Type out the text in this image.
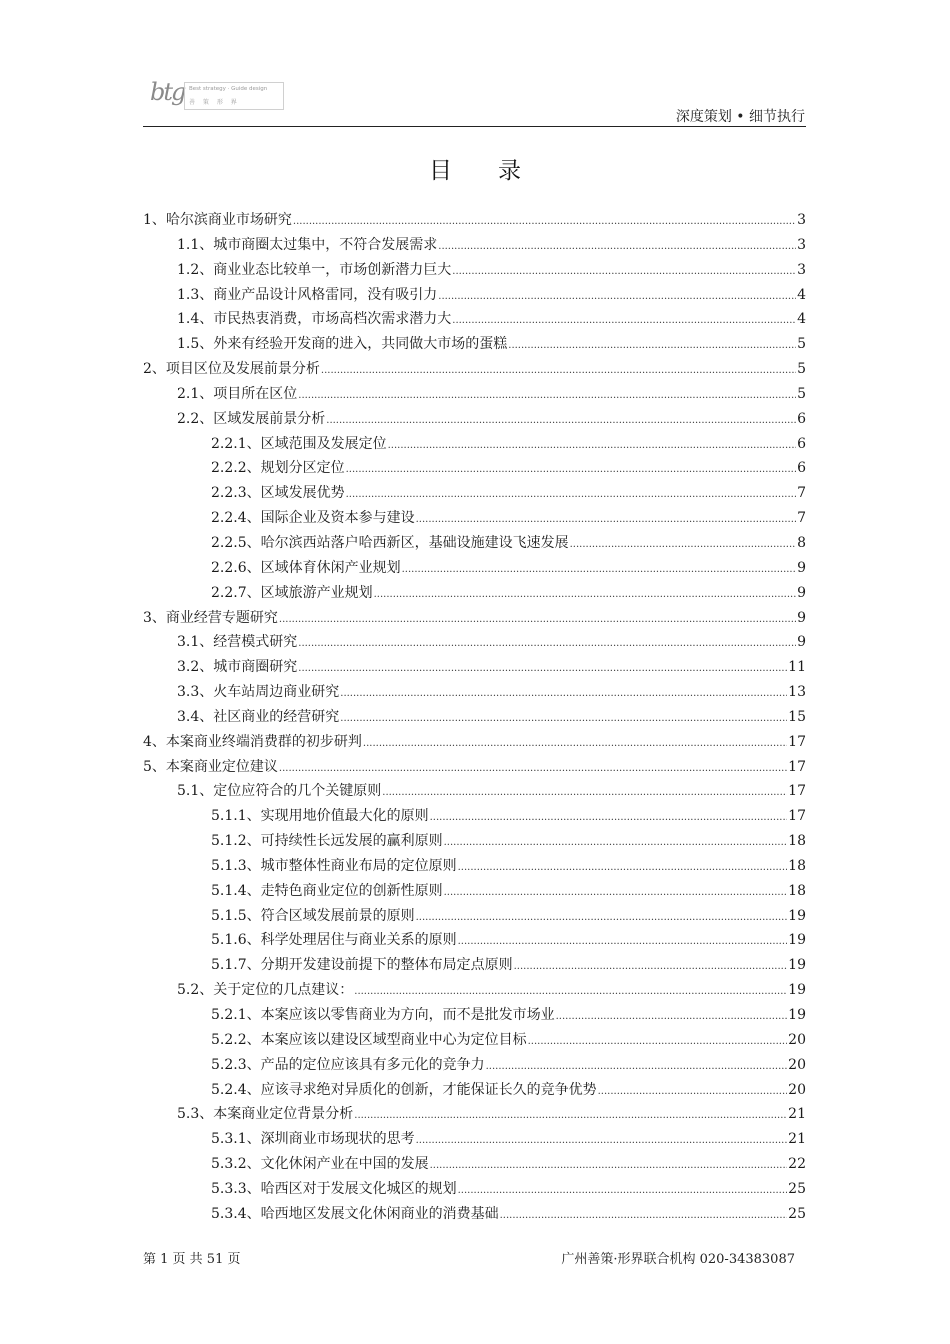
btg Best strategy · Guide design
善 策 形 界
深度策划 • 细节执行
目录
1、哈尔滨商业市场研究 .....	3
1.1、城市商圈太过集中，不符合发展需求 .....	3
1.2、商业业态比较单一，市场创新潜力巨大 .....	3
1.3、商业产品设计风格雷同，没有吸引力 .....	4
1.4、市民热衷消费，市场高档次需求潜力大 .....	4
1.5、外来有经验开发商的进入，共同做大市场的蛋糕 .....	5
2、项目区位及发展前景分析 .....	5
2.1、项目所在区位 .....	5
2.2、区域发展前景分析 .....	6
2.2.1、区域范围及发展定位 .....	6
2.2.2、规划分区定位 .....	6
2.2.3、区域发展优势 .....	7
2.2.4、国际企业及资本参与建设 .....	7
2.2.5、哈尔滨西站落户哈西新区，基础设施建设飞速发展 .....	8
2.2.6、区域体育休闲产业规划 .....	9
2.2.7、区域旅游产业规划 .....	9
3、商业经营专题研究 .....	9
3.1、经营模式研究 .....	9
3.2、城市商圈研究 .....	11
3.3、火车站周边商业研究 .....	13
3.4、社区商业的经营研究 .....	15
4、本案商业终端消费群的初步研判 .....	17
5、本案商业定位建议 .....	17
5.1、定位应符合的几个关键原则 .....	17
5.1.1、实现用地价值最大化的原则 .....	17
5.1.2、可持续性长远发展的赢利原则 .....	18
5.1.3、城市整体性商业布局的定位原则 .....	18
5.1.4、走特色商业定位的创新性原则 .....	18
5.1.5、符合区域发展前景的原则 .....	19
5.1.6、科学处理居住与商业关系的原则 .....	19
5.1.7、分期开发建设前提下的整体布局定点原则 .....	19
5.2、关于定位的几点建议： .....	19
5.2.1、本案应该以零售商业为方向，而不是批发市场业 .....	19
5.2.2、本案应该以建设区域型商业中心为定位目标 .....	20
5.2.3、产品的定位应该具有多元化的竞争力 .....	20
5.2.4、应该寻求绝对异质化的创新，才能保证长久的竞争优势 .....	20
5.3、本案商业定位背景分析 .....	21
5.3.1、深圳商业市场现状的思考 .....	21
5.3.2、文化休闲产业在中国的发展 .....	22
5.3.3、哈西区对于发展文化城区的规划 .....	25
5.3.4、哈西地区发展文化休闲商业的消费基础 .....	25
第 1 页 共 51 页	广州善策·形界联合机构 020-34383087
